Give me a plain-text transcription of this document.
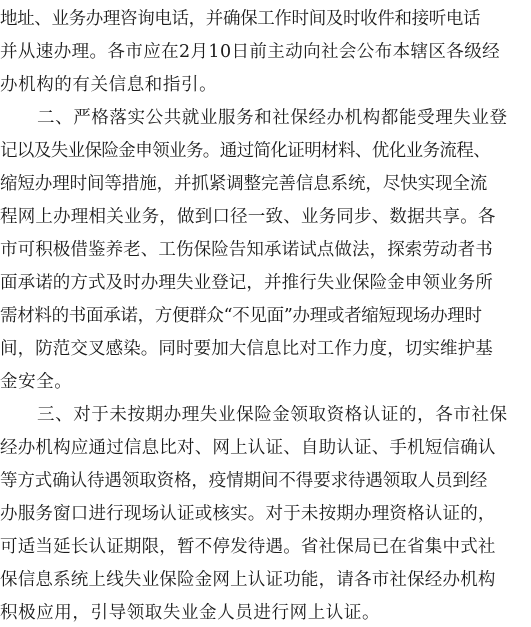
地址、业务办理咨询电话，并确保工作时间及时收件和接听电话
并从速办理。各市应在2月10日前主动向社会公布本辖区各级经
办机构的有关信息和指引。
二、严格落实公共就业服务和社保经办机构都能受理失业登
记以及失业保险金申领业务。通过简化证明材料、优化业务流程、
缩短办理时间等措施，并抓紧调整完善信息系统，尽快实现全流
程网上办理相关业务，做到口径一致、业务同步、数据共享。各
市可积极借鉴养老、工伤保险告知承诺试点做法，探索劳动者书
面承诺的方式及时办理失业登记，并推行失业保险金申领业务所
需材料的书面承诺，方便群众“不见面”办理或者缩短现场办理时
间，防范交叉感染。同时要加大信息比对工作力度，切实维护基
金安全。
三、对于未按期办理失业保险金领取资格认证的，各市社保
经办机构应通过信息比对、网上认证、自助认证、手机短信确认
等方式确认待遇领取资格，疫情期间不得要求待遇领取人员到经
办服务窗口进行现场认证或核实。对于未按期办理资格认证的，
可适当延长认证期限，暂不停发待遇。省社保局已在省集中式社
保信息系统上线失业保险金网上认证功能，请各市社保经办机构
积极应用，引导领取失业金人员进行网上认证。
